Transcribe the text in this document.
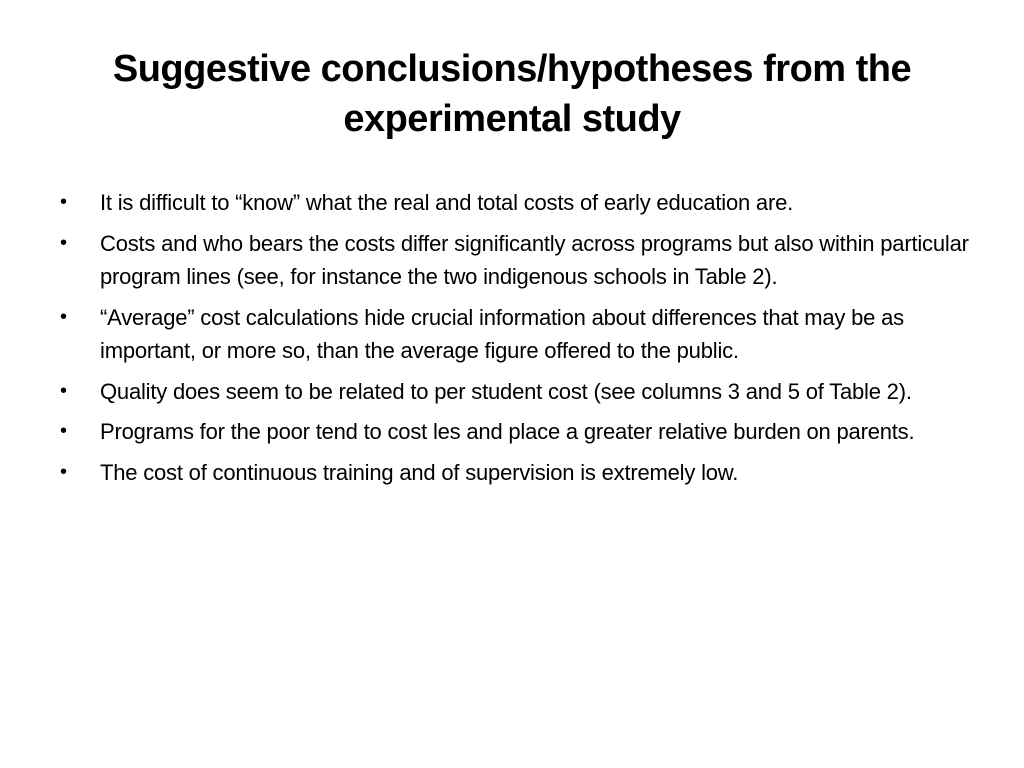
Suggestive conclusions/hypotheses from the experimental study
• It is difficult to “know” what the real and total costs of early education are.
• Costs and who bears the costs differ significantly across programs but also within particular program lines (see, for instance the two indigenous schools in Table 2).
• “Average” cost calculations hide crucial information about differences that may be as important, or more so, than the average figure offered to the public.
• Quality does seem to be related to per student cost (see columns 3 and 5 of Table 2).
• Programs for the poor tend to cost les and place a greater relative burden on parents.
• The cost of continuous training and of supervision is extremely low.
